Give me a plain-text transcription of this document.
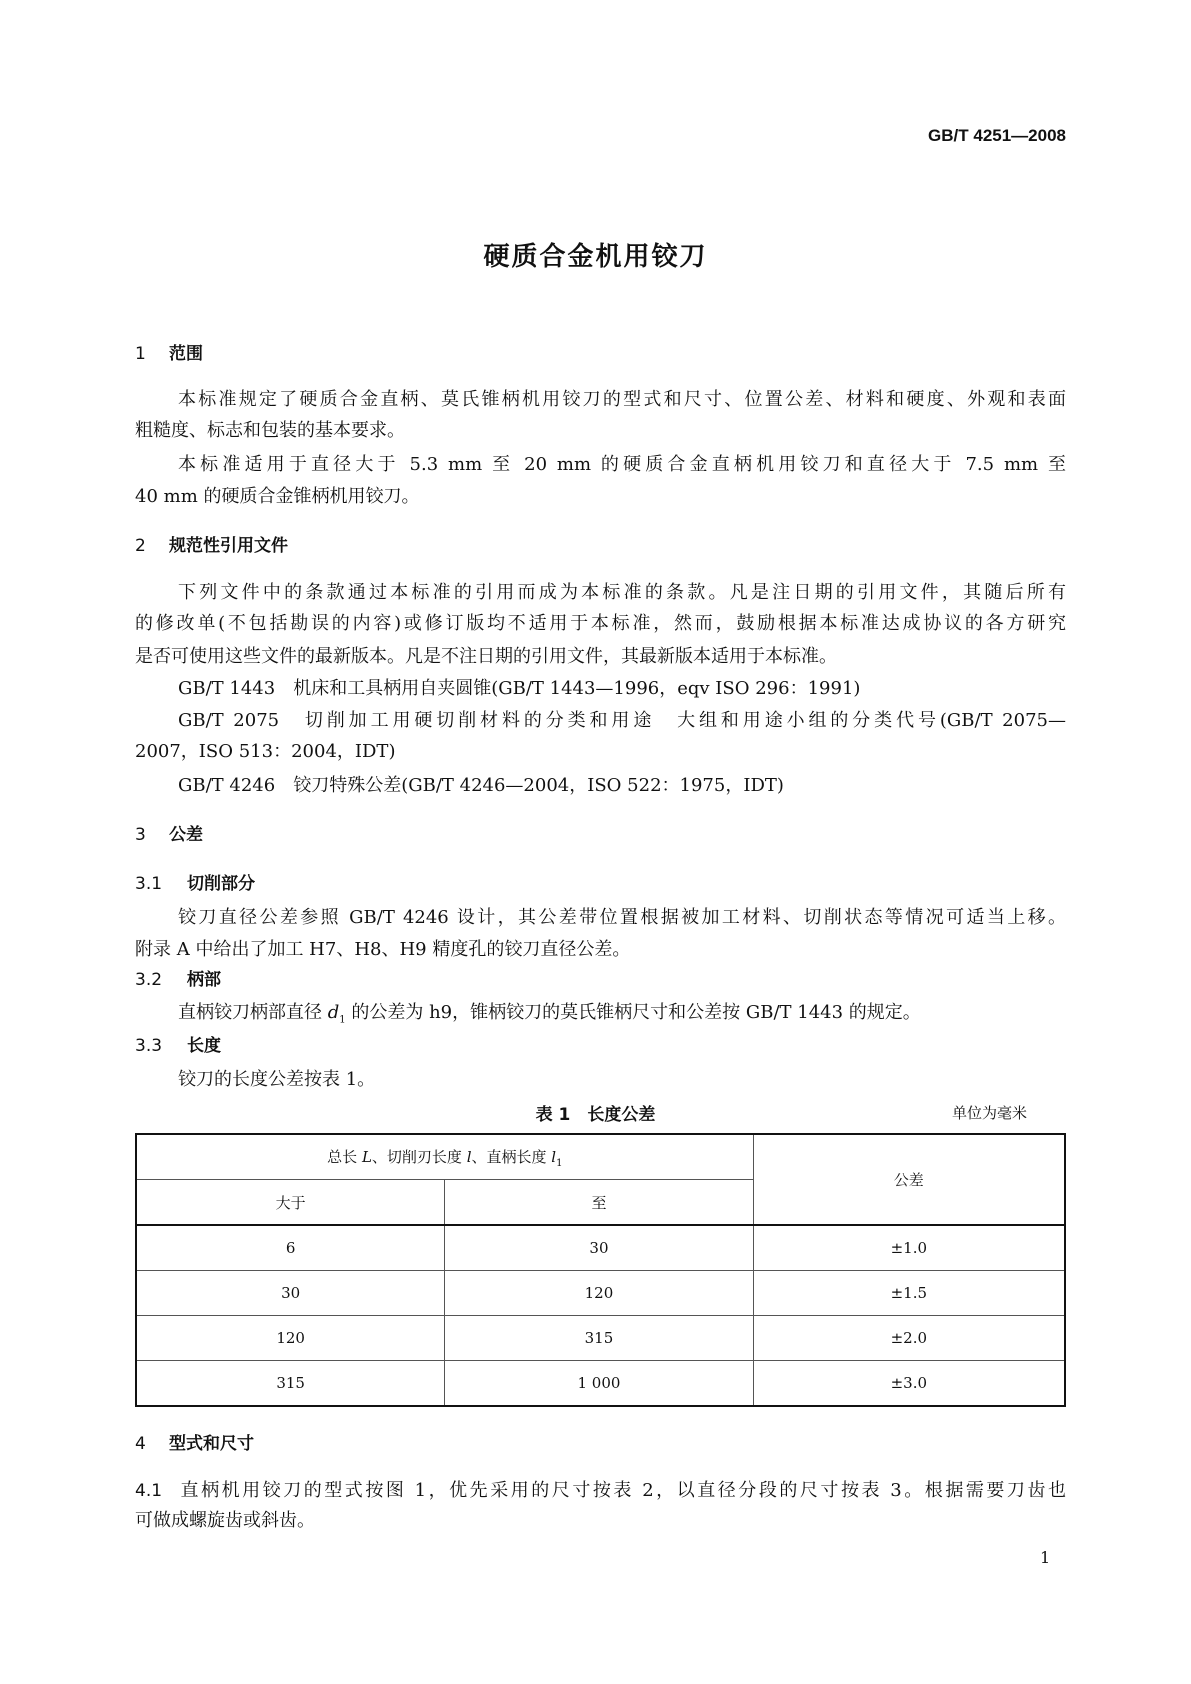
GB/T 4251—2008
硬质合金机用铰刀
1 范围
本标准规定了硬质合金直柄、莫氏锥柄机用铰刀的型式和尺寸、位置公差、材料和硬度、外观和表面
粗糙度、标志和包装的基本要求。
本标准适用于直径大于 5.3 mm 至 20 mm 的硬质合金直柄机用铰刀和直径大于 7.5 mm 至
40 mm 的硬质合金锥柄机用铰刀。
2 规范性引用文件
下列文件中的条款通过本标准的引用而成为本标准的条款。凡是注日期的引用文件，其随后所有
的修改单(不包括勘误的内容)或修订版均不适用于本标准，然而，鼓励根据本标准达成协议的各方研究
是否可使用这些文件的最新版本。凡是不注日期的引用文件，其最新版本适用于本标准。
GB/T 1443　机床和工具柄用自夹圆锥(GB/T 1443—1996，eqv ISO 296：1991)
GB/T 2075　切削加工用硬切削材料的分类和用途　大组和用途小组的分类代号(GB/T 2075—
2007，ISO 513：2004，IDT)
GB/T 4246　铰刀特殊公差(GB/T 4246—2004，ISO 522：1975，IDT)
3 公差
3.1 切削部分
铰刀直径公差参照 GB/T 4246 设计，其公差带位置根据被加工材料、切削状态等情况可适当上移。
附录 A 中给出了加工 H7、H8、H9 精度孔的铰刀直径公差。
3.2 柄部
直柄铰刀柄部直径 $d_1$ 的公差为 h9，锥柄铰刀的莫氏锥柄尺寸和公差按 GB/T 1443 的规定。
3.3 长度
铰刀的长度公差按表 1。
表 1　长度公差	单位为毫米
总长 L、切削刃长度 l、直柄长度 $l_1$		公差
大于	至	
6	30	±1.0
30	120	±1.5
120	315	±2.0
315	1 000	±3.0
4 型式和尺寸
4.1 直柄机用铰刀的型式按图 1，优先采用的尺寸按表 2，以直径分段的尺寸按表 3。根据需要刀齿也
可做成螺旋齿或斜齿。
1
